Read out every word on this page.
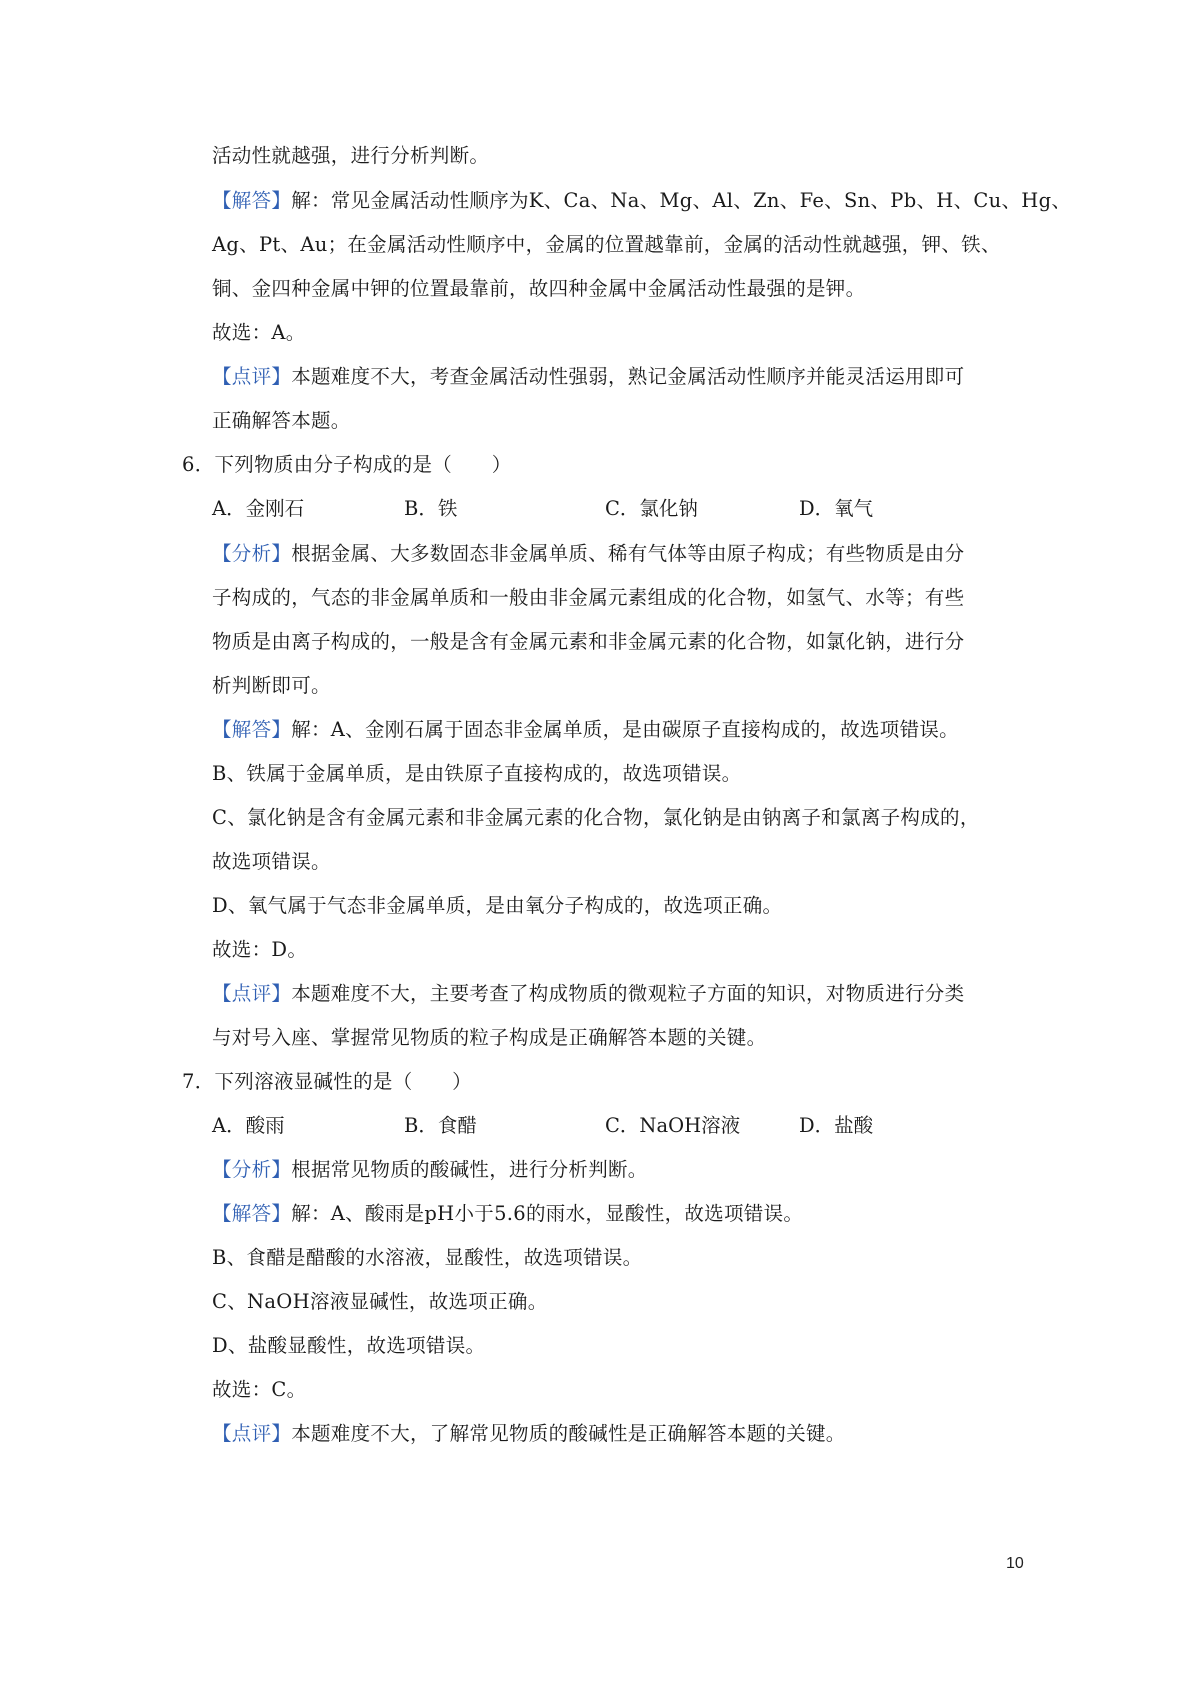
活动性就越强，进行分析判断。
【解答】解：常见金属活动性顺序为K、Ca、Na、Mg、Al、Zn、Fe、Sn、Pb、H、Cu、Hg、
Ag、Pt、Au；在金属活动性顺序中，金属的位置越靠前，金属的活动性就越强，钾、铁、
铜、金四种金属中钾的位置最靠前，故四种金属中金属活动性最强的是钾。
故选：A。
【点评】本题难度不大，考查金属活动性强弱，熟记金属活动性顺序并能灵活运用即可
正确解答本题。
6．下列物质由分子构成的是（　　）
A．金刚石	B．铁	C．氯化钠	D．氧气
【分析】根据金属、大多数固态非金属单质、稀有气体等由原子构成；有些物质是由分
子构成的，气态的非金属单质和一般由非金属元素组成的化合物，如氢气、水等；有些
物质是由离子构成的，一般是含有金属元素和非金属元素的化合物，如氯化钠，进行分
析判断即可。
【解答】解：A、金刚石属于固态非金属单质，是由碳原子直接构成的，故选项错误。
B、铁属于金属单质，是由铁原子直接构成的，故选项错误。
C、氯化钠是含有金属元素和非金属元素的化合物，氯化钠是由钠离子和氯离子构成的，
故选项错误。
D、氧气属于气态非金属单质，是由氧分子构成的，故选项正确。
故选：D。
【点评】本题难度不大，主要考查了构成物质的微观粒子方面的知识，对物质进行分类
与对号入座、掌握常见物质的粒子构成是正确解答本题的关键。
7．下列溶液显碱性的是（　　）
A．酸雨	B．食醋	C．NaOH溶液	D．盐酸
【分析】根据常见物质的酸碱性，进行分析判断。
【解答】解：A、酸雨是pH小于5.6的雨水，显酸性，故选项错误。
B、食醋是醋酸的水溶液，显酸性，故选项错误。
C、NaOH溶液显碱性，故选项正确。
D、盐酸显酸性，故选项错误。
故选：C。
【点评】本题难度不大，了解常见物质的酸碱性是正确解答本题的关键。
10
